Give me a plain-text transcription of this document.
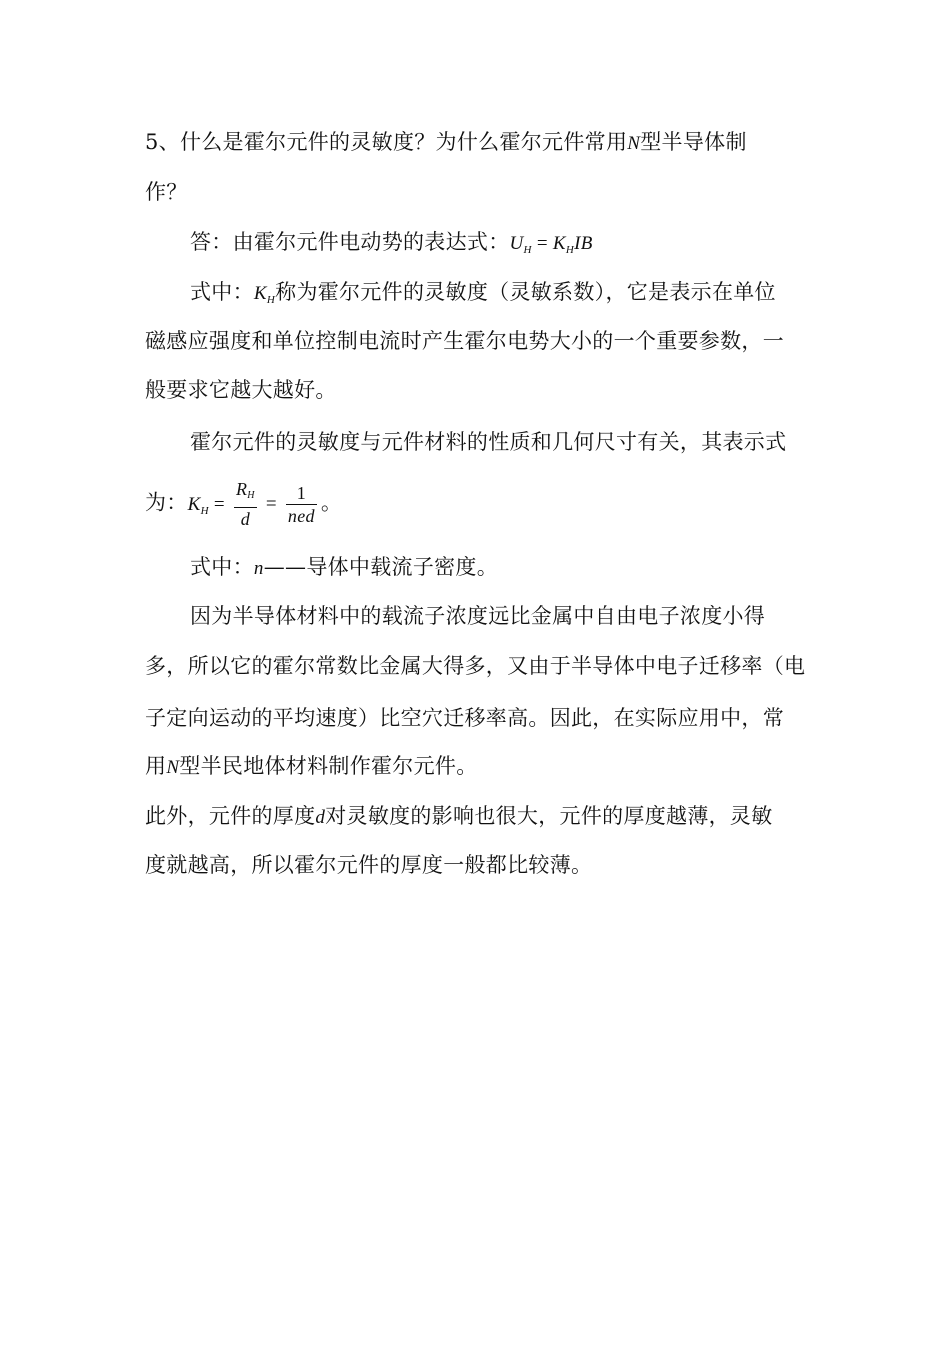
5、什么是霍尔元件的灵敏度？为什么霍尔元件常用N型半导体制
作？
答：由霍尔元件电动势的表达式：$U_H = K_HIB$
式中：$K_H$称为霍尔元件的灵敏度（灵敏系数），它是表示在单位
磁感应强度和单位控制电流时产生霍尔电势大小的一个重要参数，一
般要求它越大越好。
霍尔元件的灵敏度与元件材料的性质和几何尺寸有关，其表示式
为：$K_H = \frac{R_H}{d} = \frac{1}{\text{ned}}$ 。
式中：n——导体中载流子密度。
因为半导体材料中的载流子浓度远比金属中自由电子浓度小得
多，所以它的霍尔常数比金属大得多，又由于半导体中电子迁移率（电
子定向运动的平均速度）比空穴迁移率高。因此，在实际应用中，常
用N型半民地体材料制作霍尔元件。
此外，元件的厚度d对灵敏度的影响也很大，元件的厚度越薄，灵敏
度就越高，所以霍尔元件的厚度一般都比较薄。
